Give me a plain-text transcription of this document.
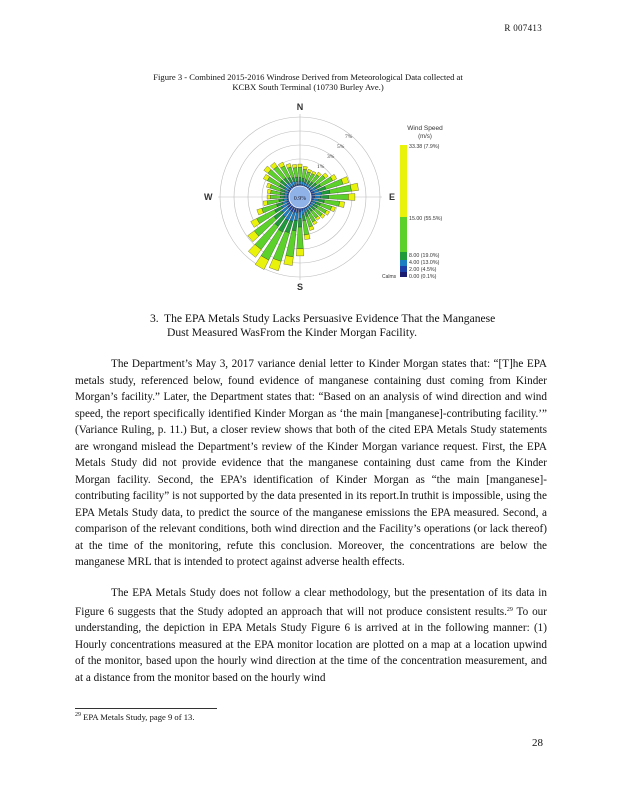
R 007413
Figure 3 - Combined 2015-2016 Windrose Derived from Meteorological Data collected at
KCBX South Terminal (10730 Burley Ave.)
0.9%
7%
5%
3%
1%
N
S
E
W
Wind Speed
(m/s)
33.38 (7.9%)
15.00 (55.5%)
8.00 (19.0%)
4.00 (13.0%)
2.00 (4.5%)
0.00 (0.1%)
Calms
3. The EPA Metals Study Lacks Persuasive Evidence That the Manganese
Dust Measured WasFrom the Kinder Morgan Facility.

The Department’s May 3, 2017 variance denial letter to Kinder Morgan states that: “[T]he EPA metals study, referenced below, found evidence of manganese containing dust coming from Kinder Morgan’s facility.” Later, the Department states that: “Based on an analysis of wind direction and wind speed, the report specifically identified Kinder Morgan as ‘the main [manganese]-contributing facility.’” (Variance Ruling, p. 11.) But, a closer review shows that both of the cited EPA Metals Study statements are wrongand mislead the Department’s review of the Kinder Morgan variance request. First, the EPA Metals Study did not provide evidence that the manganese containing dust came from the Kinder Morgan facility. Second, the EPA’s identification of Kinder Morgan as “the main [manganese]-contributing facility” is not supported by the data presented in its report.In truthit is impossible, using the EPA Metals Study data, to predict the source of the manganese emissions the EPA measured. Second, a comparison of the relevant conditions, both wind direction and the Facility’s operations (or lack thereof) at the time of the monitoring, refute this conclusion. Moreover, the concentrations are below the manganese MRL that is intended to protect against adverse health effects.

The EPA Metals Study does not follow a clear methodology, but the presentation of its data in Figure 6 suggests that the Study adopted an approach that will not produce consistent results.$^{29}$ To our understanding, the depiction in EPA Metals Study Figure 6 is arrived at in the following manner: (1) Hourly concentrations measured at the EPA monitor location are plotted on a map at a location upwind of the monitor, based upon the hourly wind direction at the time of the concentration measurement, and at a distance from the monitor based on the hourly wind

$^{29}$ EPA Metals Study, page 9 of 13.
28
